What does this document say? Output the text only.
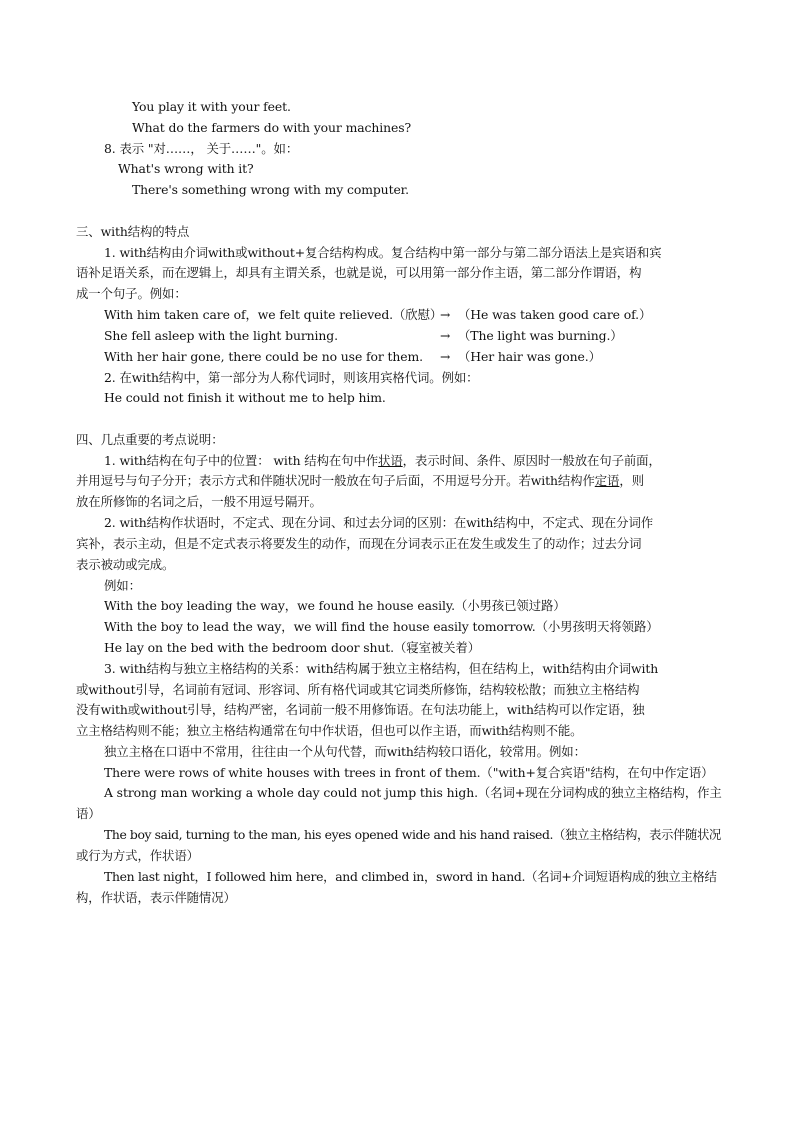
You play it with your feet.
What do the farmers do with your machines?
8. 表示 "对……， 关于……"。如：
What's wrong with it?
There's something wrong with my computer.
三、with结构的特点
1. with结构由介词with或without+复合结构构成。复合结构中第一部分与第二部分语法上是宾语和宾
语补足语关系，而在逻辑上，却具有主谓关系，也就是说，可以用第一部分作主语，第二部分作谓语，构
成一个句子。例如：
With him taken care of，we felt quite relieved.（欣慰）
→ （He was taken good care of.）
She fell asleep with the light burning.	→ （The light was burning.）
With her hair gone, there could be no use for them. → （Her hair was gone.）
2. 在with结构中，第一部分为人称代词时，则该用宾格代词。例如：
He could not finish it without me to help him.
四、几点重要的考点说明：
1. with结构在句子中的位置： with 结构在句中作状语，表示时间、条件、原因时一般放在句子前面，
并用逗号与句子分开；表示方式和伴随状况时一般放在句子后面，不用逗号分开。若with结构作定语，则
放在所修饰的名词之后，一般不用逗号隔开。
2. with结构作状语时，不定式、现在分词、和过去分词的区别：在with结构中，不定式、现在分词作
宾补，表示主动，但是不定式表示将要发生的动作，而现在分词表示正在发生或发生了的动作；过去分词
表示被动或完成。
例如：
With the boy leading the way，we found he house easily.（小男孩已领过路）
With the boy to lead the way，we will find the house easily tomorrow.（小男孩明天将领路）
He lay on the bed with the bedroom door shut.（寝室被关着）
3. with结构与独立主格结构的关系：with结构属于独立主格结构，但在结构上，with结构由介词with
或without引导，名词前有冠词、形容词、所有格代词或其它词类所修饰，结构较松散；而独立主格结构
没有with或without引导，结构严密，名词前一般不用修饰语。在句法功能上，with结构可以作定语，独
立主格结构则不能；独立主格结构通常在句中作状语，但也可以作主语，而with结构则不能。
独立主格在口语中不常用，往往由一个从句代替，而with结构较口语化，较常用。例如：
There were rows of white houses with trees in front of them.（"with+复合宾语"结构，在句中作定语）
A strong man working a whole day could not jump this high.（名词+现在分词构成的独立主格结构，作主
语）
The boy said, turning to the man, his eyes opened wide and his hand raised.（独立主格结构，表示伴随状况
或行为方式，作状语）
Then last night，I followed him here，and climbed in，sword in hand.（名词+介词短语构成的独立主格结
构，作状语，表示伴随情况）
